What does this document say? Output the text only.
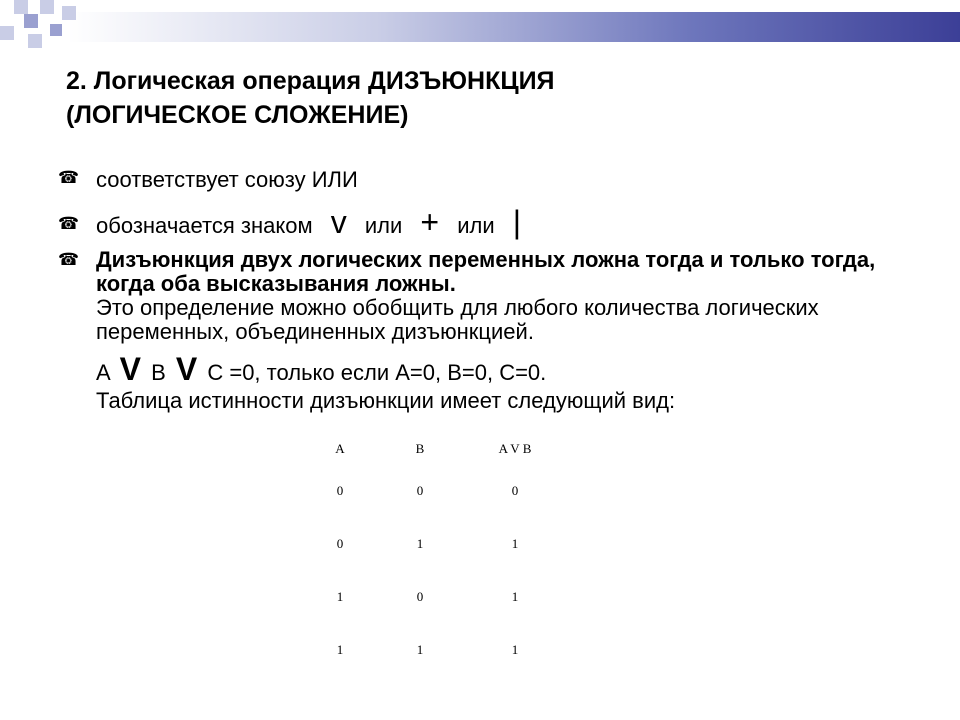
2. Логическая операция ДИЗЪЮНКЦИЯ
(ЛОГИЧЕСКОЕ СЛОЖЕНИЕ)
☎ соответствует союзу ИЛИ
☎ обозначается знаком v или + или |
☎ Дизъюнкция двух логических переменных ложна тогда и только тогда, когда оба высказывания ложны.
Это определение можно обобщить для любого количества логических переменных, объединенных дизъюнкцией.
A V B V C =0, только если A=0, B=0, C=0.
Таблица истинности дизъюнкции имеет следующий вид:
A	B	A V B
0	0	0
0	1	1
1	0	1
1	1	1
